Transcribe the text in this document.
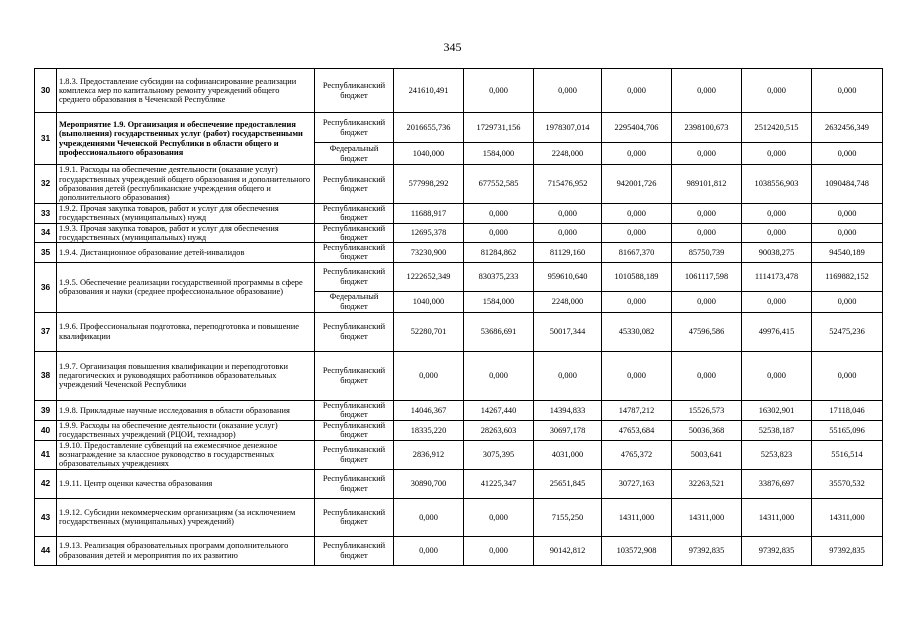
345
30	1.8.3. Предоставление субсидии на софинансирование реализации комплекса мер по капитальному ремонту учреждений общего среднего образования в Чеченской Республике	Республиканский бюджет	241610,491	0,000	0,000	0,000	0,000	0,000	0,000
31	Мероприятие 1.9. Организация и обеспечение предоставления (выполнения) государственных услуг (работ) государственными учреждениями Чеченской Республики в области общего и профессионального образования	Республиканский бюджет	2016655,736	1729731,156	1978307,014	2295404,706	2398100,673	2512420,515	2632456,349
		Федеральный бюджет	1040,000	1584,000	2248,000	0,000	0,000	0,000	0,000
32	1.9.1. Расходы на обеспечение деятельности (оказание услуг) государственных учреждений общего образования и дополнительного образования детей (республиканские учреждения общего и дополнительного образования)	Республиканский бюджет	577998,292	677552,585	715476,952	942001,726	989101,812	1038556,903	1090484,748
33	1.9.2. Прочая закупка товаров, работ и услуг для обеспечения государственных (муниципальных) нужд	Республиканский бюджет	11688,917	0,000	0,000	0,000	0,000	0,000	0,000
34	1.9.3. Прочая закупка товаров, работ и услуг для обеспечения государственных (муниципальных) нужд	Республиканский бюджет	12695,378	0,000	0,000	0,000	0,000	0,000	0,000
35	1.9.4. Дистанционное образование детей-инвалидов	Республиканский бюджет	73230,900	81284,862	81129,160	81667,370	85750,739	90038,275	94540,189
36	1.9.5. Обеспечение реализации государственной программы в сфере образования и науки (среднее профессиональное образование)	Республиканский бюджет	1222652,349	830375,233	959610,640	1010588,189	1061117,598	1114173,478	1169882,152
		Федеральный бюджет	1040,000	1584,000	2248,000	0,000	0,000	0,000	0,000
37	1.9.6. Профессиональная подготовка, переподготовка и повышение квалификации	Республиканский бюджет	52280,701	53686,691	50017,344	45330,082	47596,586	49976,415	52475,236
38	1.9.7. Организация повышения квалификации и переподготовки педагогических и руководящих работников образовательных учреждений Чеченской Республики	Республиканский бюджет	0,000	0,000	0,000	0,000	0,000	0,000	0,000
39	1.9.8. Прикладные научные исследования в области образования	Республиканский бюджет	14046,367	14267,440	14394,833	14787,212	15526,573	16302,901	17118,046
40	1.9.9. Расходы на обеспечение деятельности (оказание услуг) государственных учреждений (РЦОИ, технадзор)	Республиканский бюджет	18335,220	28263,603	30697,178	47653,684	50036,368	52538,187	55165,096
41	1.9.10. Предоставление субвенций на ежемесячное денежное вознаграждение за классное руководство в государственных образовательных учреждениях	Республиканский бюджет	2836,912	3075,395	4031,000	4765,372	5003,641	5253,823	5516,514
42	1.9.11. Центр оценки качества образования	Республиканский бюджет	30890,700	41225,347	25651,845	30727,163	32263,521	33876,697	35570,532
43	1.9.12. Субсидии некоммерческим организациям (за исключением государственных (муниципальных) учреждений)	Республиканский бюджет	0,000	0,000	7155,250	14311,000	14311,000	14311,000	14311,000
44	1.9.13. Реализация образовательных программ дополнительного образования детей и мероприятия по их развитию	Республиканский бюджет	0,000	0,000	90142,812	103572,908	97392,835	97392,835	97392,835
